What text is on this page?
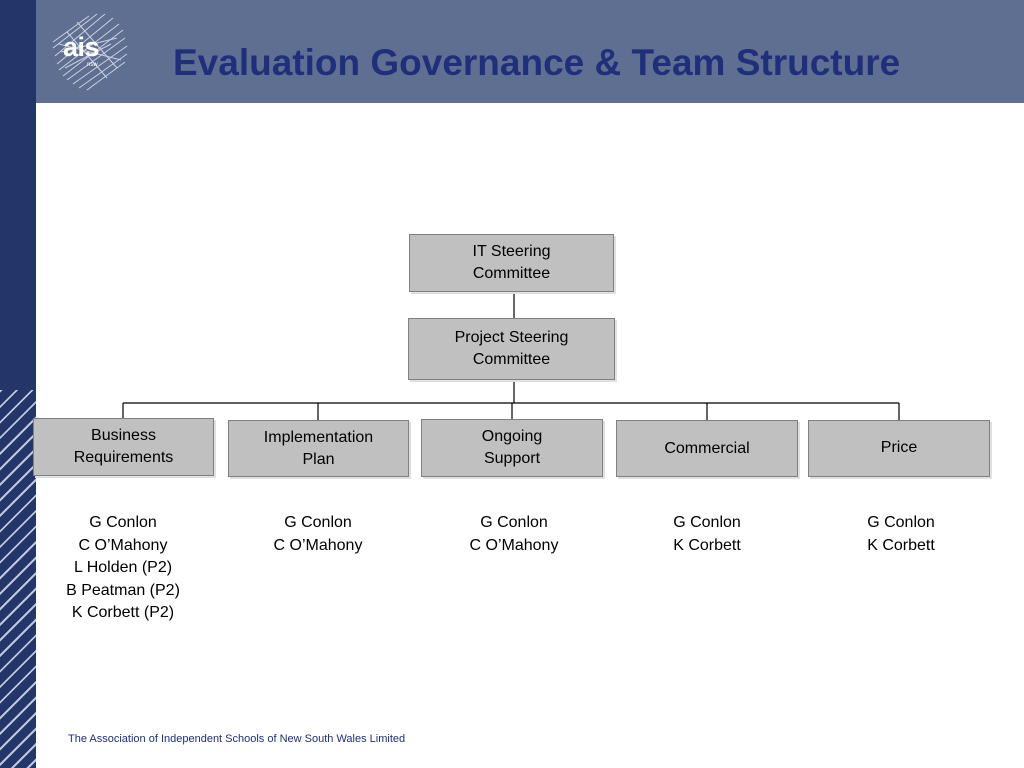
ais
nsw Evaluation Governance & Team Structure
IT Steering
Committee
Project Steering
Committee
Business
Requirements
Implementation
Plan
Ongoing
Support
Commercial	Price
G Conlon
C O’Mahony
L Holden (P2)
B Peatman (P2)
K Corbett (P2)
G Conlon
C O’Mahony
G Conlon
C O’Mahony
G Conlon
K Corbett
G Conlon
K Corbett
The Association of Independent Schools of New South Wales Limited
